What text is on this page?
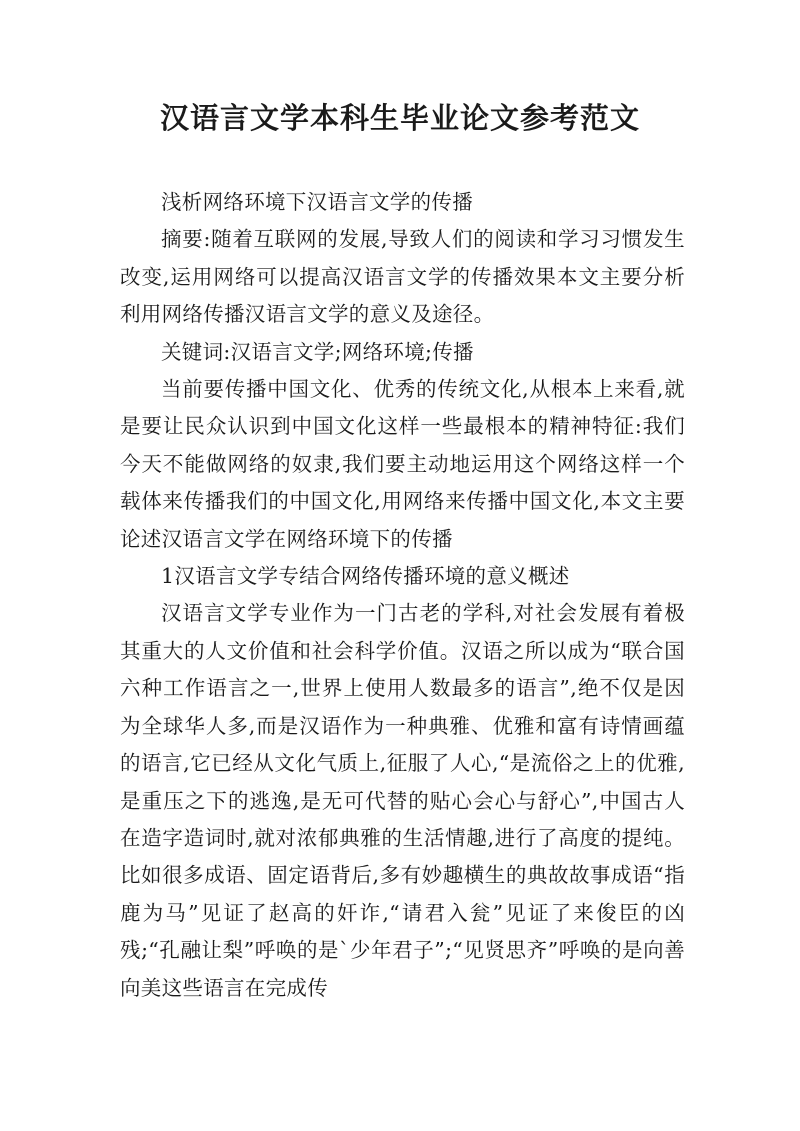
汉语言文学本科生毕业论文参考范文

浅析网络环境下汉语言文学的传播

摘要:随着互联网的发展,导致人们的阅读和学习习惯发生改变,运用网络可以提高汉语言文学的传播效果本文主要分析利用网络传播汉语言文学的意义及途径。

关键词:汉语言文学;网络环境;传播

当前要传播中国文化、优秀的传统文化,从根本上来看,就是要让民众认识到中国文化这样一些最根本的精神特征:我们今天不能做网络的奴隶,我们要主动地运用这个网络这样一个载体来传播我们的中国文化,用网络来传播中国文化,本文主要论述汉语言文学在网络环境下的传播

1汉语言文学专结合网络传播环境的意义概述

汉语言文学专业作为一门古老的学科,对社会发展有着极其重大的人文价值和社会科学价值。汉语之所以成为“联合国六种工作语言之一,世界上使用人数最多的语言”,绝不仅是因为全球华人多,而是汉语作为一种典雅、优雅和富有诗情画蕴的语言,它已经从文化气质上,征服了人心,“是流俗之上的优雅,是重压之下的逃逸,是无可代替的贴心会心与舒心”,中国古人在造字造词时,就对浓郁典雅的生活情趣,进行了高度的提纯。比如很多成语、固定语背后,多有妙趣横生的典故故事成语“指鹿为马”见证了赵高的奸诈,“请君入瓮”见证了来俊臣的凶残;“孔融让梨”呼唤的是`少年君子”;“见贤思齐”呼唤的是向善向美这些语言在完成传
